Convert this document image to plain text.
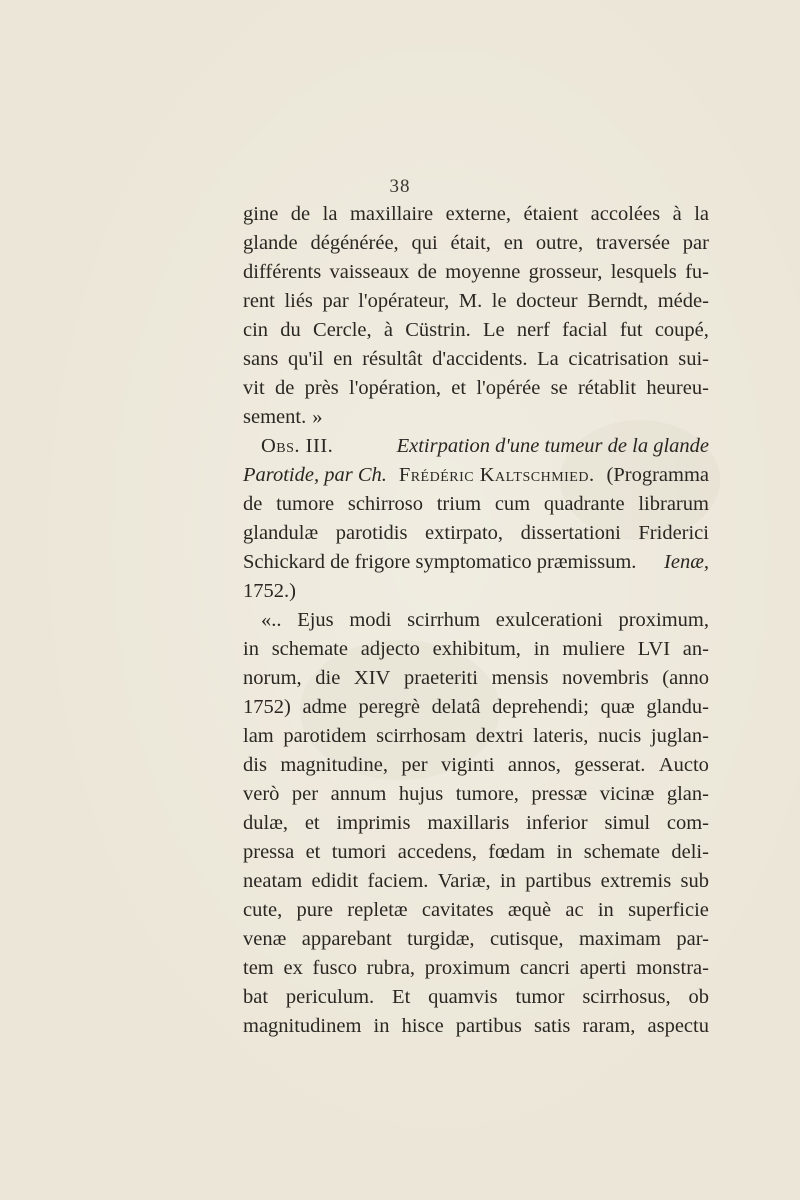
38
gine de la maxillaire externe, étaient accolées à la
glande dégénérée, qui était, en outre, traversée par
différents vaisseaux de moyenne grosseur, lesquels fu-
rent liés par l'opérateur, M. le docteur Berndt, méde-
cin du Cercle, à Cüstrin. Le nerf facial fut coupé,
sans qu'il en résultât d'accidents. La cicatrisation sui-
vit de près l'opération, et l'opérée se rétablit heureu-
sement. »
Obs. III.	Extirpation d'une tumeur de la glande
Parotide, par Ch. Frédéric Kaltschmied. (Programma
de tumore schirroso trium cum quadrante librarum
glandulæ parotidis extirpato, dissertationi Friderici
Schickard de frigore symptomatico præmissum. Ienæ,
1752.)
«.. Ejus modi scirrhum exulcerationi proximum,
in schemate adjecto exhibitum, in muliere LVI an-
norum, die XIV praeteriti mensis novembris (anno
1752) adme peregrè delatâ deprehendi; quæ glandu-
lam parotidem scirrhosam dextri lateris, nucis juglan-
dis magnitudine, per viginti annos, gesserat. Aucto
verò per annum hujus tumore, pressæ vicinæ glan-
dulæ, et imprimis maxillaris inferior simul com-
pressa et tumori accedens, fœdam in schemate deli-
neatam edidit faciem. Variæ, in partibus extremis sub
cute, pure repletæ cavitates æquè ac in superficie
venæ apparebant turgidæ, cutisque, maximam par-
tem ex fusco rubra, proximum cancri aperti monstra-
bat periculum. Et quamvis tumor scirrhosus, ob
magnitudinem in hisce partibus satis raram, aspectu
